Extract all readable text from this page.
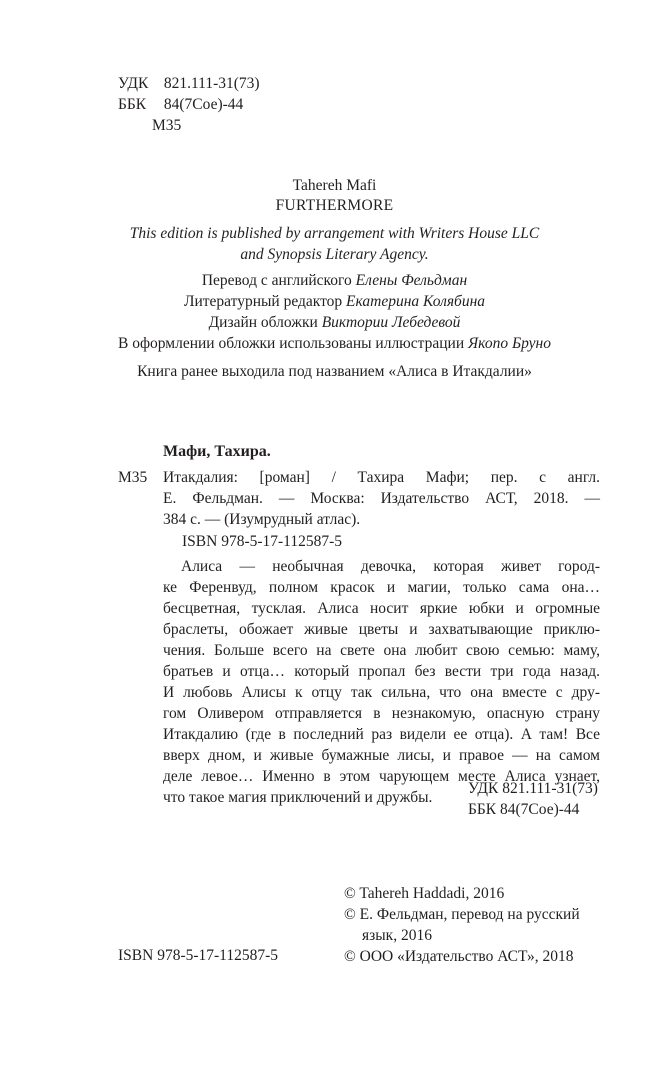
УДК 821.111-31(73)
ББК 84(7Сое)-44
М35
Tahereh Mafi
FURTHERMORE
This edition is published by arrangement with Writers House LLC
and Synopsis Literary Agency.
Перевод с английского Елены Фельдман
Литературный редактор Екатерина Колябина
Дизайн обложки Виктории Лебедевой
В оформлении обложки использованы иллюстрации Якопо Бруно
Книга ранее выходила под названием «Алиса в Итакдалии»
Мафи, Тахира.
М35 Итакдалия: [роман] / Тахира Мафи; пер. с англ.
Е. Фельдман. — Москва: Издательство АСТ, 2018. —
384 с. — (Изумрудный атлас).
ISBN 978-5-17-112587-5
Алиса — необычная девочка, которая живет город-
ке Ференвуд, полном красок и магии, только сама она…
бесцветная, тусклая. Алиса носит яркие юбки и огромные
браслеты, обожает живые цветы и захватывающие приклю-
чения. Больше всего на свете она любит свою семью: маму,
братьев и отца… который пропал без вести три года назад.
И любовь Алисы к отцу так сильна, что она вместе с дру-
гом Оливером отправляется в незнакомую, опасную страну
Итакдалию (где в последний раз видели ее отца). А там! Все
вверх дном, и живые бумажные лисы, и правое — на самом
деле левое… Именно в этом чарующем месте Алиса узнает,
что такое магия приключений и дружбы.
УДК 821.111-31(73)
ББК 84(7Сое)-44
© Tahereh Haddadi, 2016
© Е. Фельдман, перевод на русский
язык, 2016
© ООО «Издательство АСТ», 2018
ISBN 978-5-17-112587-5
